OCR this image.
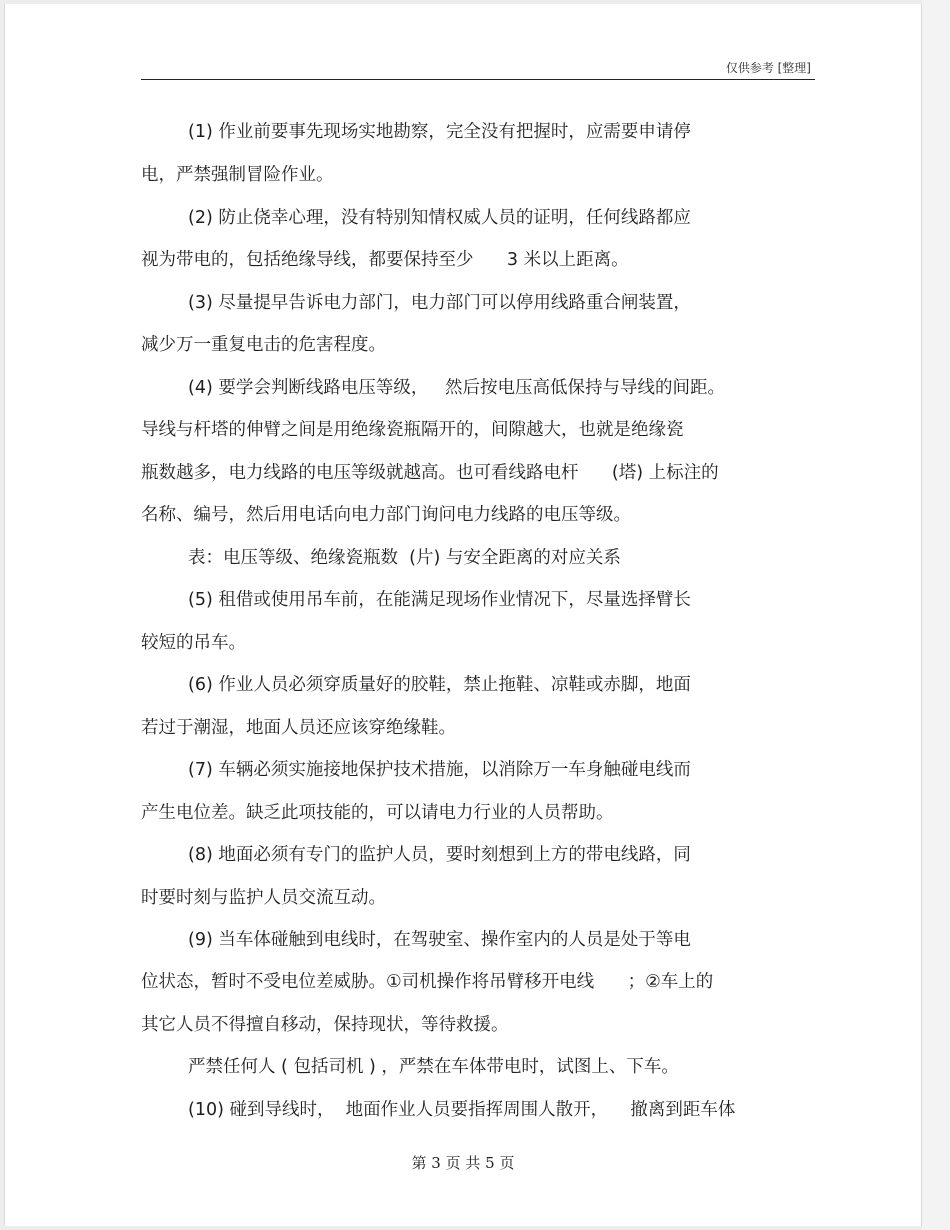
仅供参考 [整理]
(1) 作业前要事先现场实地勘察，完全没有把握时，应需要申请停
电，严禁强制冒险作业。
(2) 防止侥幸心理，没有特别知情权威人员的证明，任何线路都应
视为带电的，包括绝缘导线，都要保持至少      3 米以上距离。
(3) 尽量提早告诉电力部门，电力部门可以停用线路重合闸装置，
减少万一重复电击的危害程度。
(4) 要学会判断线路电压等级，   然后按电压高低保持与导线的间距。
导线与杆塔的伸臂之间是用绝缘瓷瓶隔开的，间隙越大，也就是绝缘瓷
瓶数越多，电力线路的电压等级就越高。也可看线路电杆      (塔) 上标注的
名称、编号，然后用电话向电力部门询问电力线路的电压等级。
表：电压等级、绝缘瓷瓶数  (片) 与安全距离的对应关系
(5) 租借或使用吊车前，在能满足现场作业情况下，尽量选择臂长
较短的吊车。
(6) 作业人员必须穿质量好的胶鞋，禁止拖鞋、凉鞋或赤脚，地面
若过于潮湿，地面人员还应该穿绝缘鞋。
(7) 车辆必须实施接地保护技术措施，以消除万一车身触碰电线而
产生电位差。缺乏此项技能的，可以请电力行业的人员帮助。
(8) 地面必须有专门的监护人员，要时刻想到上方的带电线路，同
时要时刻与监护人员交流互动。
(9) 当车体碰触到电线时，在驾驶室、操作室内的人员是处于等电
位状态，暂时不受电位差威胁。①司机操作将吊臂移开电线      ；②车上的
其它人员不得擅自移动，保持现状，等待救援。
严禁任何人 ( 包括司机 ) ，严禁在车体带电时，试图上、下车。
(10) 碰到导线时，  地面作业人员要指挥周围人散开，    撤离到距车体
第 3 页 共 5 页
